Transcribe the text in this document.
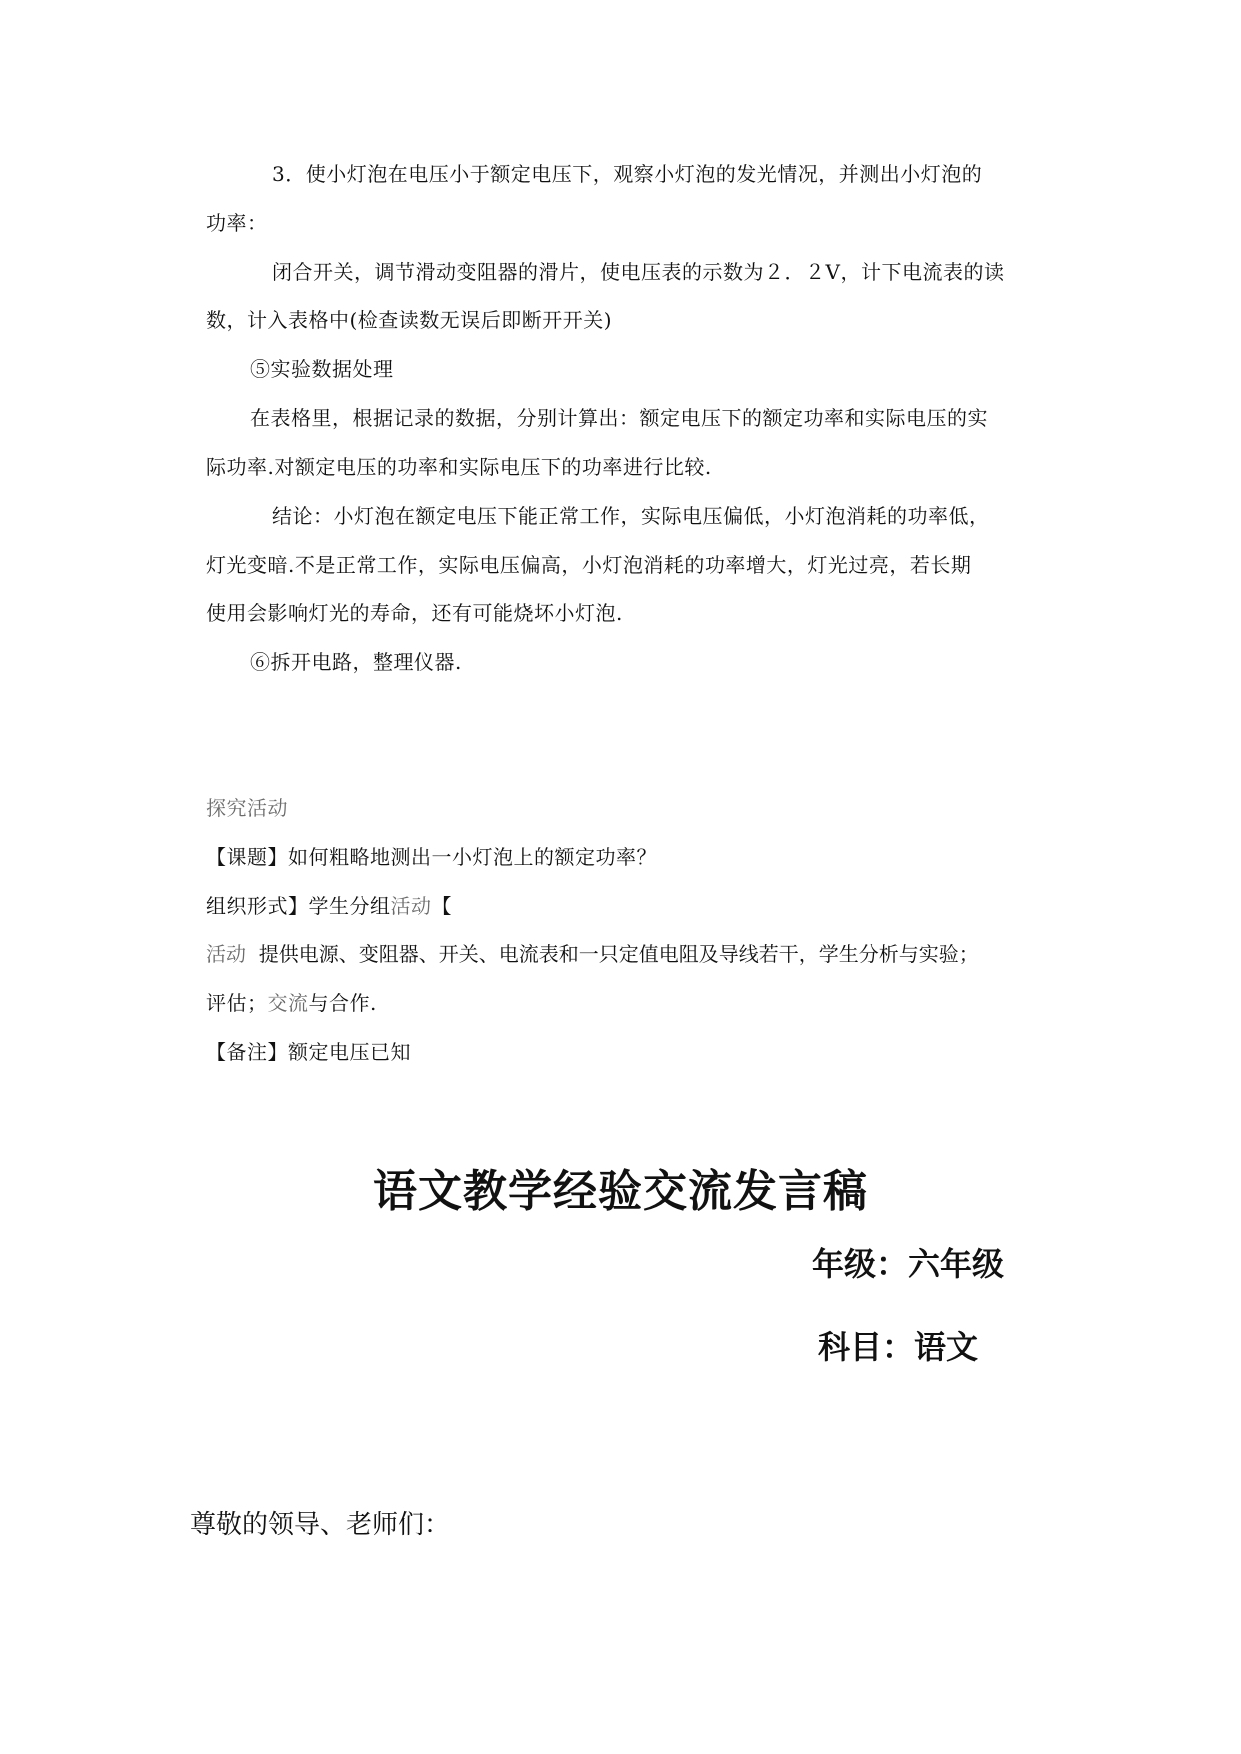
3．使小灯泡在电压小于额定电压下，观察小灯泡的发光情况，并测出小灯泡的
功率：
闭合开关，调节滑动变阻器的滑片，使电压表的示数为２．２V，计下电流表的读
数，计入表格中(检查读数无误后即断开开关)
⑤实验数据处理
在表格里，根据记录的数据，分别计算出：额定电压下的额定功率和实际电压的实
际功率.对额定电压的功率和实际电压下的功率进行比较.
结论：小灯泡在额定电压下能正常工作，实际电压偏低，小灯泡消耗的功率低，
灯光变暗.不是正常工作，实际电压偏高，小灯泡消耗的功率增大，灯光过亮，若长期
使用会影响灯光的寿命，还有可能烧坏小灯泡.
⑥拆开电路，整理仪器.
探究活动
【课题】如何粗略地测出一小灯泡上的额定功率？
组织形式】学生分组活动【
活动 提供电源、变阻器、开关、电流表和一只定值电阻及导线若干，学生分析与实验；
评估；交流与合作.
【备注】额定电压已知
语文教学经验交流发言稿
年级：六年级
科目：语文
尊敬的领导、老师们：
